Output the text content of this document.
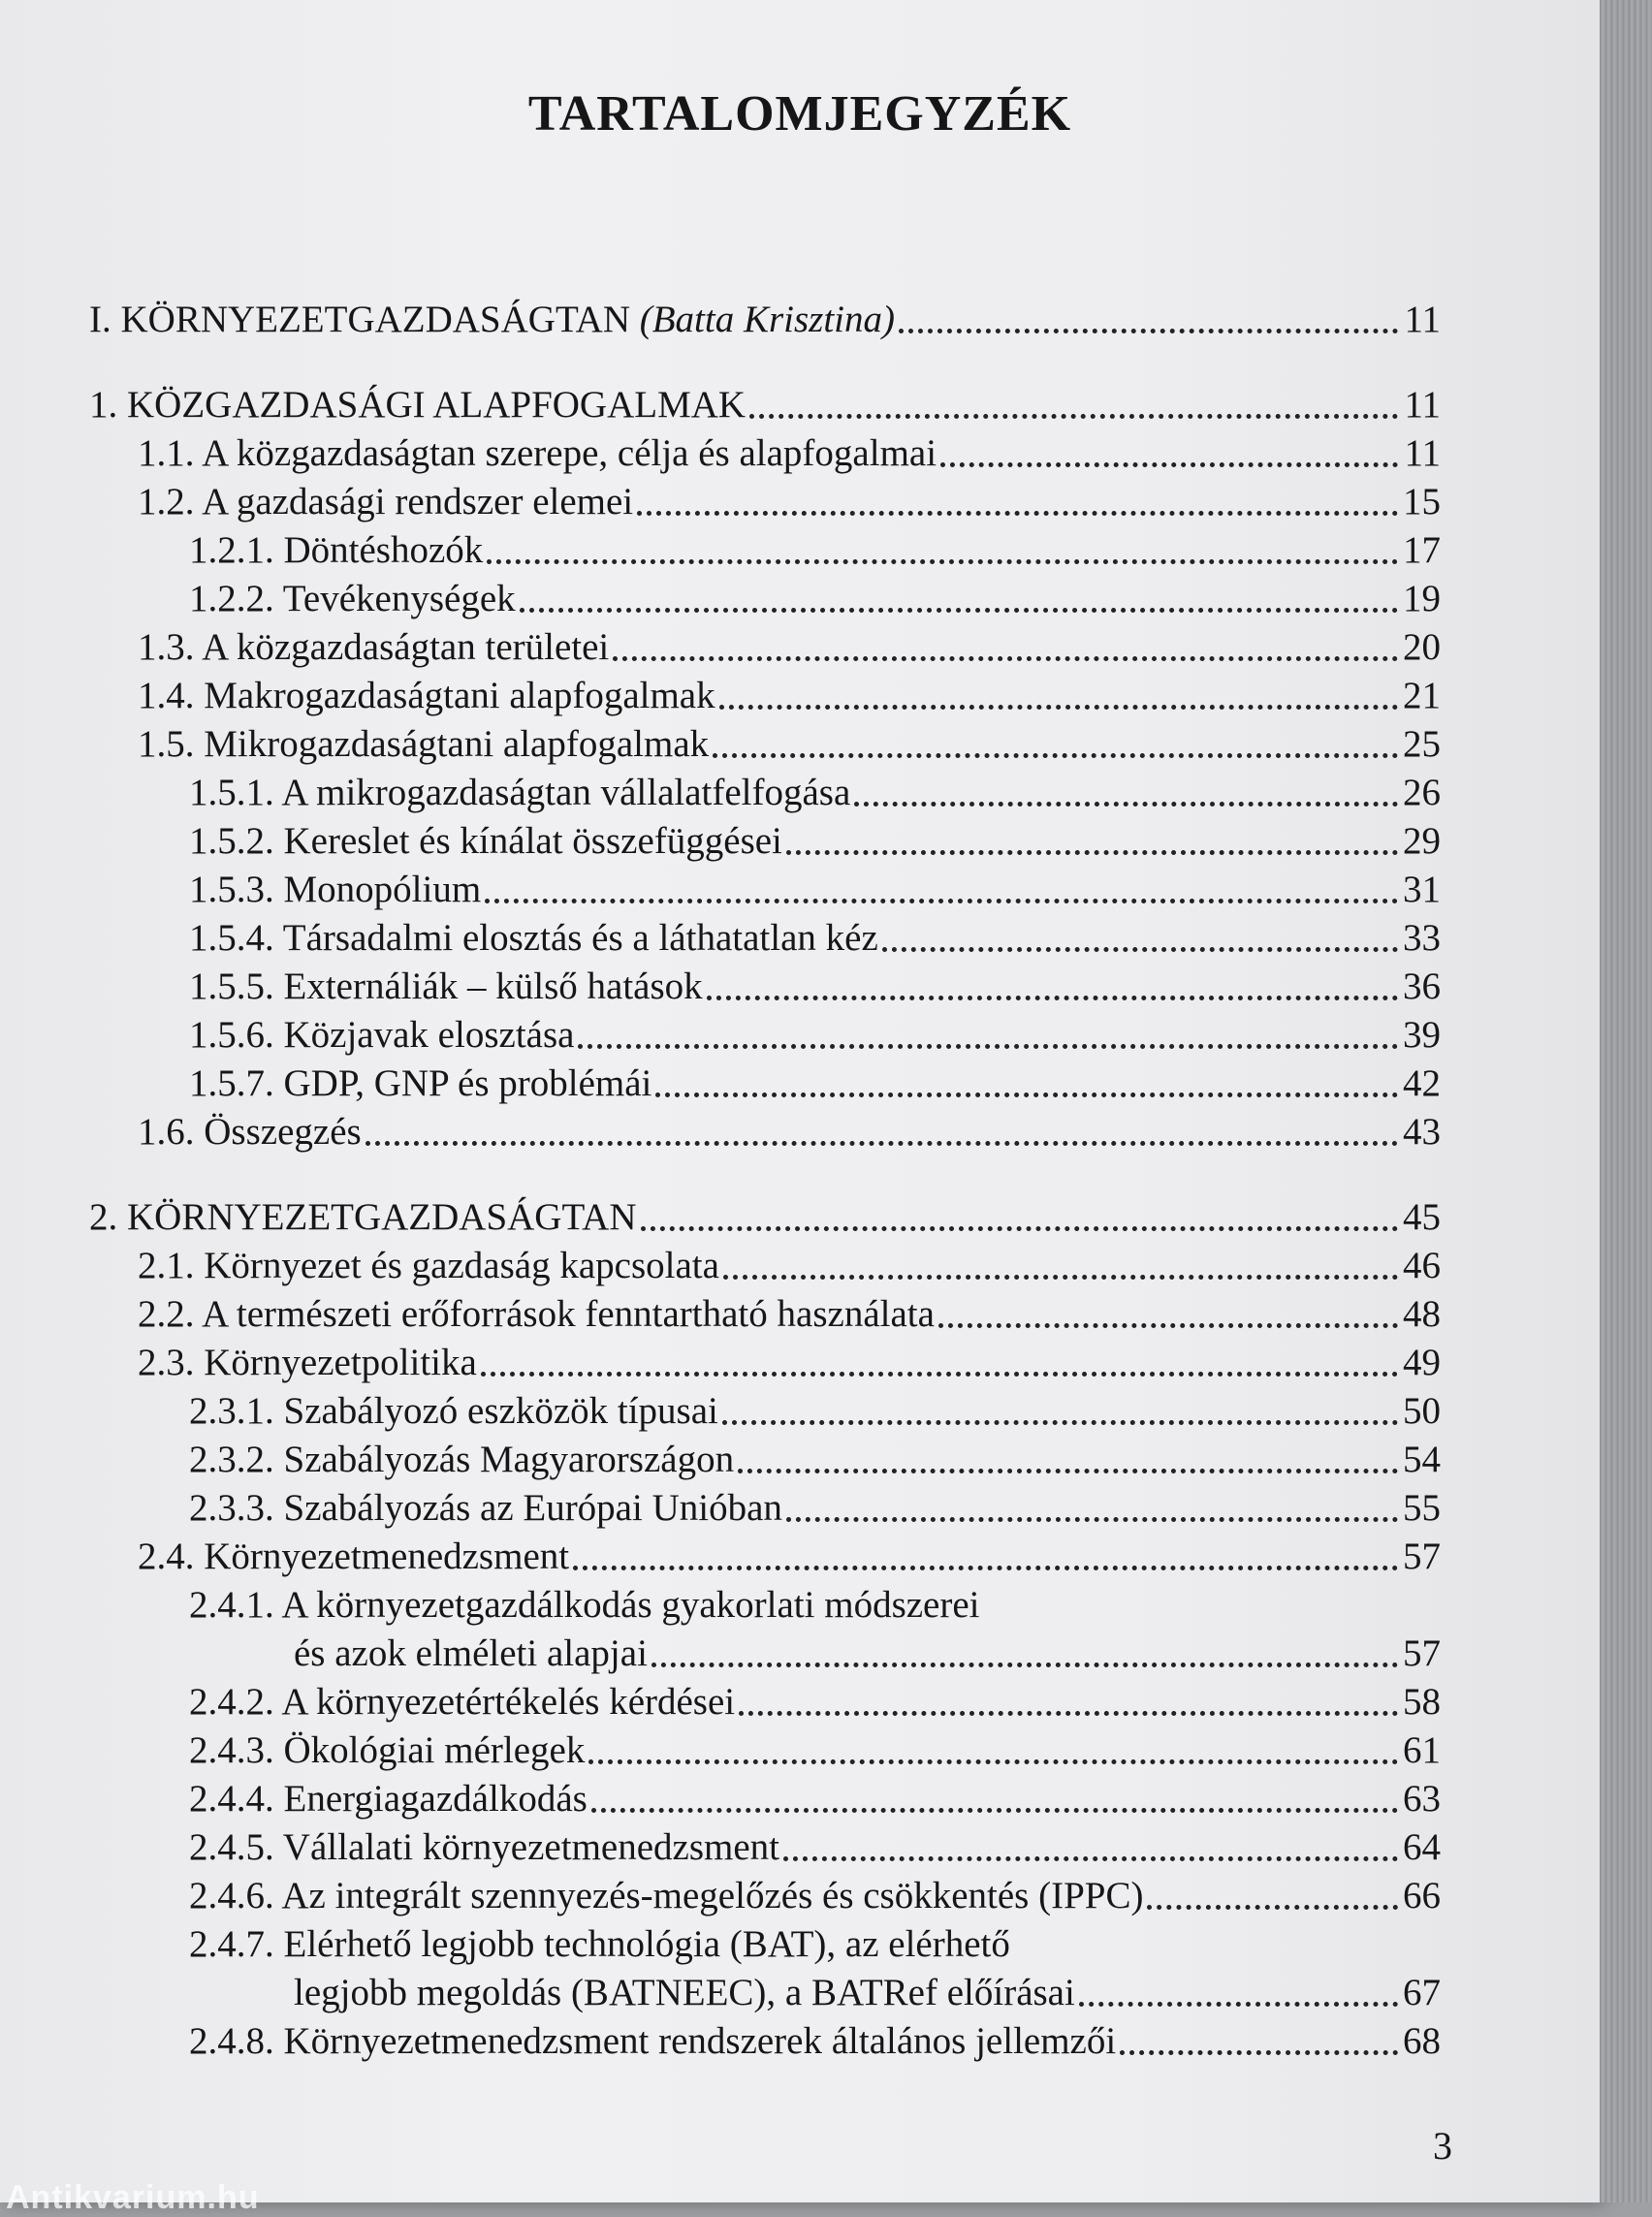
TARTALOMJEGYZÉK
I. KÖRNYEZETGAZDASÁGTAN (Batta Krisztina)	11
1. KÖZGAZDASÁGI ALAPFOGALMAK	11
1.1. A közgazdaságtan szerepe, célja és alapfogalmai	11
1.2. A gazdasági rendszer elemei	15
1.2.1. Döntéshozók	17
1.2.2. Tevékenységek	19
1.3. A közgazdaságtan területei	20
1.4. Makrogazdaságtani alapfogalmak	21
1.5. Mikrogazdaságtani alapfogalmak	25
1.5.1. A mikrogazdaságtan vállalatfelfogása	26
1.5.2. Kereslet és kínálat összefüggései	29
1.5.3. Monopólium	31
1.5.4. Társadalmi elosztás és a láthatatlan kéz	33
1.5.5. Externáliák – külső hatások	36
1.5.6. Közjavak elosztása	39
1.5.7. GDP, GNP és problémái	42
1.6. Összegzés	43
2. KÖRNYEZETGAZDASÁGTAN	45
2.1. Környezet és gazdaság kapcsolata	46
2.2. A természeti erőforrások fenntartható használata	48
2.3. Környezetpolitika	49
2.3.1. Szabályozó eszközök típusai	50
2.3.2. Szabályozás Magyarországon	54
2.3.3. Szabályozás az Európai Unióban	55
2.4. Környezetmenedzsment	57
2.4.1. A környezetgazdálkodás gyakorlati módszerei
és azok elméleti alapjai	57
2.4.2. A környezetértékelés kérdései	58
2.4.3. Ökológiai mérlegek	61
2.4.4. Energiagazdálkodás	63
2.4.5. Vállalati környezetmenedzsment	64
2.4.6. Az integrált szennyezés-megelőzés és csökkentés (IPPC)	66
2.4.7. Elérhető legjobb technológia (BAT), az elérhető
legjobb megoldás (BATNEEC), a BATRef előírásai	67
2.4.8. Környezetmenedzsment rendszerek általános jellemzői	68
3
Antikvarium.hu
